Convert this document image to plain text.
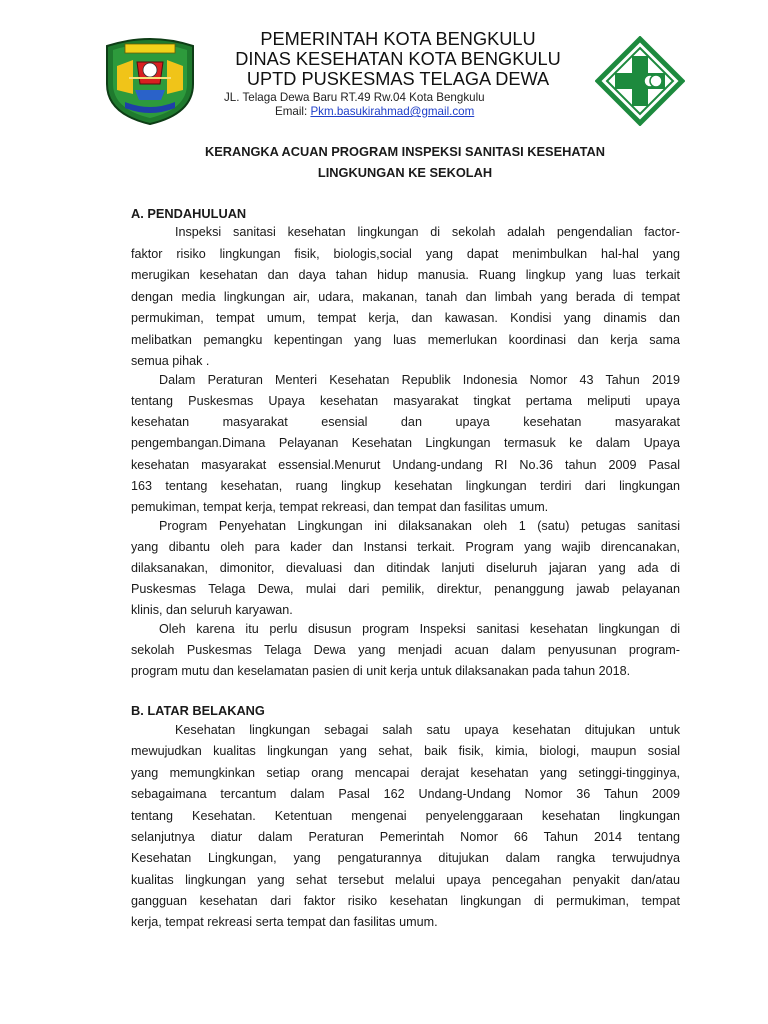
PEMERINTAH KOTA BENGKULU
DINAS KESEHATAN KOTA BENGKULU
UPTD PUSKESMAS TELAGA DEWA
JL. Telaga Dewa Baru RT.49 Rw.04 Kota Bengkulu
Email: Pkm.basukirahmad@gmail.com
KERANGKA ACUAN PROGRAM INSPEKSI SANITASI KESEHATAN
LINGKUNGAN KE SEKOLAH
A. PENDAHULUAN
Inspeksi sanitasi kesehatan lingkungan di sekolah adalah pengendalian factor-
faktor risiko lingkungan fisik, biologis,social yang dapat menimbulkan hal-hal yang
merugikan kesehatan dan daya tahan hidup manusia. Ruang lingkup yang luas terkait
dengan media lingkungan air, udara, makanan, tanah dan limbah yang berada di tempat
permukiman, tempat umum, tempat kerja, dan kawasan. Kondisi yang dinamis dan
melibatkan pemangku kepentingan yang luas memerlukan koordinasi dan kerja sama
semua pihak .
Dalam Peraturan Menteri Kesehatan Republik Indonesia Nomor 43 Tahun 2019
tentang Puskesmas Upaya kesehatan masyarakat tingkat pertama meliputi upaya
kesehatan masyarakat esensial dan upaya kesehatan masyarakat
pengembangan.Dimana Pelayanan Kesehatan Lingkungan termasuk ke dalam Upaya
kesehatan masyarakat essensial.Menurut Undang-undang RI No.36 tahun 2009 Pasal
163 tentang kesehatan, ruang lingkup kesehatan lingkungan terdiri dari lingkungan
pemukiman, tempat kerja, tempat rekreasi, dan tempat dan fasilitas umum.
Program Penyehatan Lingkungan ini dilaksanakan oleh 1 (satu) petugas sanitasi
yang dibantu oleh para kader dan Instansi terkait. Program yang wajib direncanakan,
dilaksanakan, dimonitor, dievaluasi dan ditindak lanjuti diseluruh jajaran yang ada di
Puskesmas Telaga Dewa, mulai dari pemilik, direktur, penanggung jawab pelayanan
klinis, dan seluruh karyawan.
Oleh karena itu perlu disusun program Inspeksi sanitasi kesehatan lingkungan di
sekolah Puskesmas Telaga Dewa yang menjadi acuan dalam penyusunan program-
program mutu dan keselamatan pasien di unit kerja untuk dilaksanakan pada tahun 2018.
B. LATAR BELAKANG
Kesehatan lingkungan sebagai salah satu upaya kesehatan ditujukan untuk
mewujudkan kualitas lingkungan yang sehat, baik fisik, kimia, biologi, maupun sosial
yang memungkinkan setiap orang mencapai derajat kesehatan yang setinggi-tingginya,
sebagaimana tercantum dalam Pasal 162 Undang-Undang Nomor 36 Tahun 2009
tentang Kesehatan. Ketentuan mengenai penyelenggaraan kesehatan lingkungan
selanjutnya diatur dalam Peraturan Pemerintah Nomor 66 Tahun 2014 tentang
Kesehatan Lingkungan, yang pengaturannya ditujukan dalam rangka terwujudnya
kualitas lingkungan yang sehat tersebut melalui upaya pencegahan penyakit dan/atau
gangguan kesehatan dari faktor risiko kesehatan lingkungan di permukiman, tempat
kerja, tempat rekreasi serta tempat dan fasilitas umum.
